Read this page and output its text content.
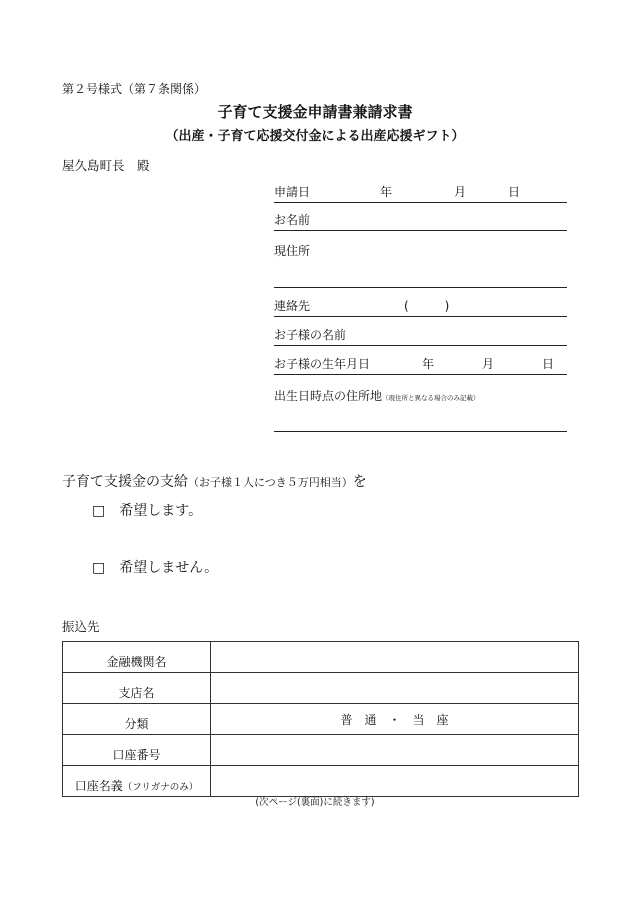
第２号様式（第７条関係）
子育て支援金申請書兼請求書
（出産・子育て応援交付金による出産応援ギフト）
屋久島町長　殿
申請日	年	月	日
お名前
現住所
連絡先	(　　　)
お子様の名前
お子様の生年月日	年	月	日
出生日時点の住所地（現住所と異なる場合のみ記載）
子育て支援金の支給（お子様１人につき５万円相当）を
□ 希望します。
□ 希望しません。
振込先
金融機関名	
支店名	
分類	普　通　・　当　座
口座番号	
口座名義（フリガナのみ）	
(次ページ(裏面)に続きます)
